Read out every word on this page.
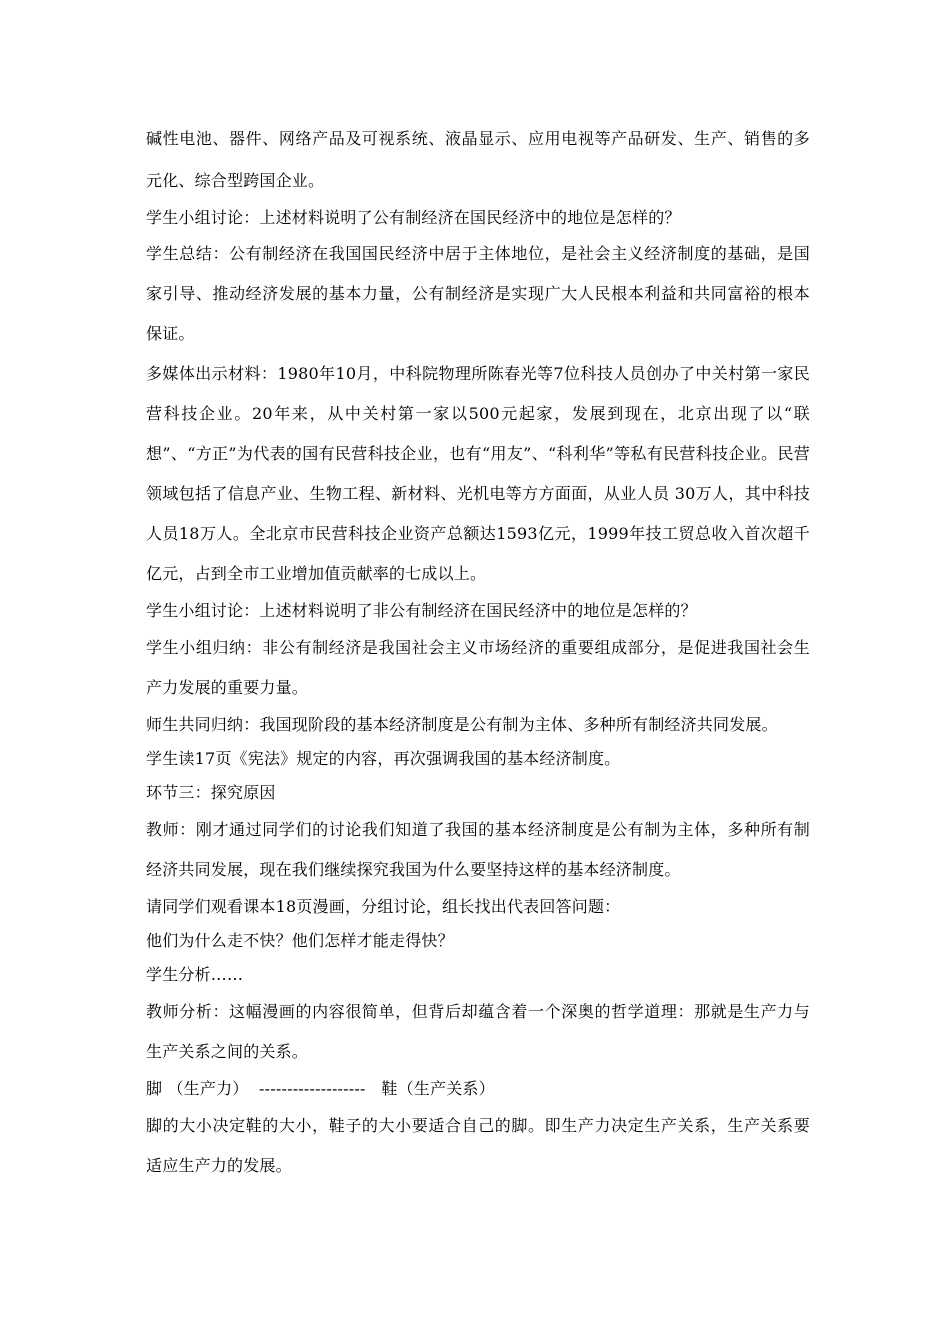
碱性电池、器件、网络产品及可视系统、液晶显示、应用电视等产品研发、生产、销售的多元化、综合型跨国企业。

学生小组讨论：上述材料说明了公有制经济在国民经济中的地位是怎样的？

学生总结：公有制经济在我国国民经济中居于主体地位，是社会主义经济制度的基础，是国家引导、推动经济发展的基本力量，公有制经济是实现广大人民根本利益和共同富裕的根本保证。

多媒体出示材料：1980年10月，中科院物理所陈春光等7位科技人员创办了中关村第一家民营科技企业。20年来，从中关村第一家以500元起家，发展到现在，北京出现了以“联想”、“方正”为代表的国有民营科技企业，也有“用友”、“科利华”等私有民营科技企业。民营领域包括了信息产业、生物工程、新材料、光机电等方方面面，从业人员 30万人，其中科技人员18万人。全北京市民营科技企业资产总额达1593亿元，1999年技工贸总收入首次超千亿元，占到全市工业增加值贡献率的七成以上。

学生小组讨论：上述材料说明了非公有制经济在国民经济中的地位是怎样的？

学生小组归纳：非公有制经济是我国社会主义市场经济的重要组成部分，是促进我国社会生产力发展的重要力量。

师生共同归纳：我国现阶段的基本经济制度是公有制为主体、多种所有制经济共同发展。

学生读17页《宪法》规定的内容，再次强调我国的基本经济制度。

环节三：探究原因

教师：刚才通过同学们的讨论我们知道了我国的基本经济制度是公有制为主体，多种所有制经济共同发展，现在我们继续探究我国为什么要坚持这样的基本经济制度。

请同学们观看课本18页漫画，分组讨论，组长找出代表回答问题：

他们为什么走不快？他们怎样才能走得快？

学生分析……

教师分析：这幅漫画的内容很简单，但背后却蕴含着一个深奥的哲学道理：那就是生产力与生产关系之间的关系。

脚 （生产力）  -------------------   鞋（生产关系）

脚的大小决定鞋的大小，鞋子的大小要适合自己的脚。即生产力决定生产关系，生产关系要适应生产力的发展。
